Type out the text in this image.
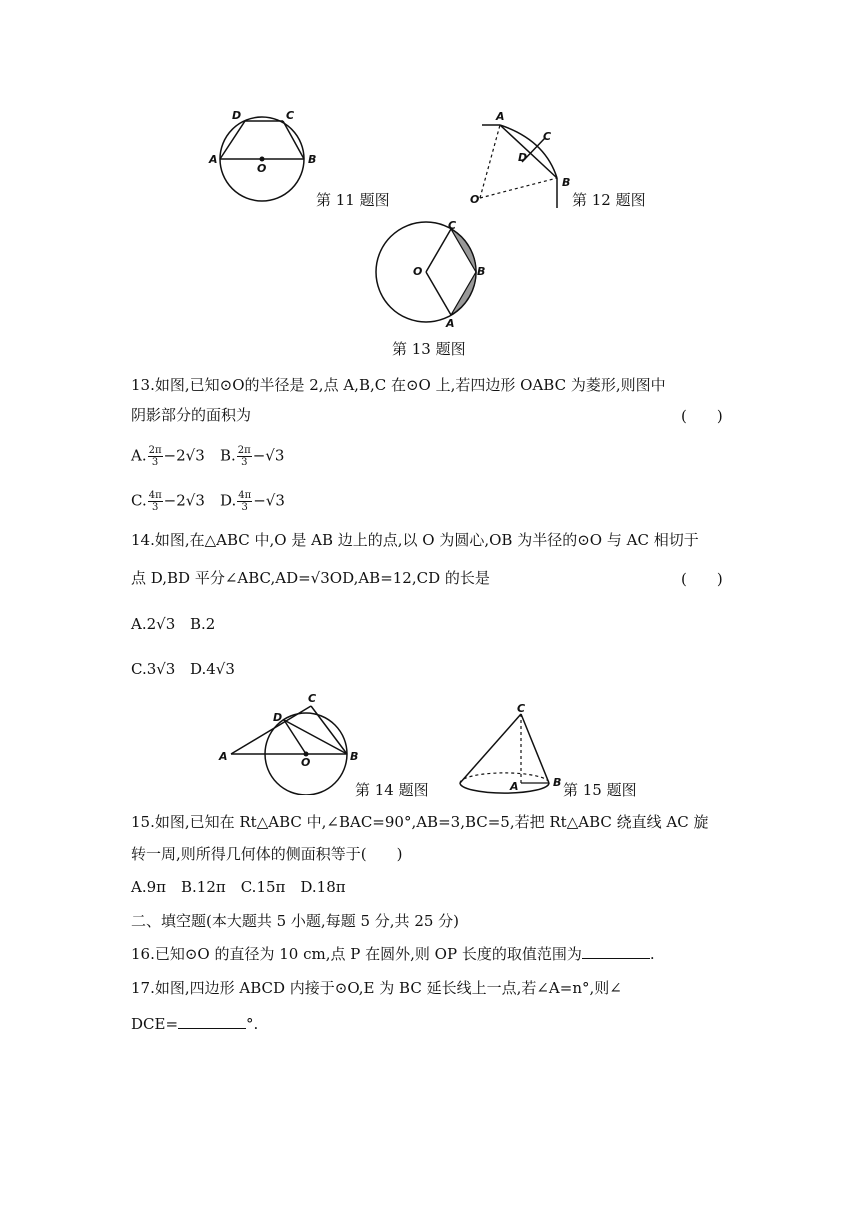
D	C
A
O
B
第 11 题图
A
C
D
O
B
第 12 题图
C
O	B
A
第 13 题图
13.如图,已知⊙O的半径是 2,点 A,B,C 在⊙O 上,若四边形 OABC 为菱形,则图中
阴影部分的面积为	(　　)
A. $\frac{2\pi}{3} -2√3$ B. $\frac{2\pi}{3} -√3$
C. $\frac{4\pi}{3} -2√3$ D. $\frac{4\pi}{3} -√3$
14.如图,在△ABC 中,O 是 AB 边上的点,以 O 为圆心,OB 为半径的⊙O 与 AC 相切于
点 D,BD 平分∠ABC,AD=√3OD,AB=12,CD 的长是	(　　)
A.2√3 B.2
C.3√3 D.4√3
C
D
A	O	B
第 14 题图
C
A	B 第 15 题图
15.如图,已知在 Rt△ABC 中,∠BAC=90°,AB=3,BC=5,若把 Rt△ABC 绕直线 AC 旋
转一周,则所得几何体的侧面积等于(　　)
A.9π　B.12π　C.15π　D.18π
二、填空题(本大题共 5 小题,每题 5 分,共 25 分)
16.已知⊙O 的直径为 10 cm,点 P 在圆外,则 OP 长度的取值范围为	.
17.如图,四边形 ABCD 内接于⊙O,E 为 BC 延长线上一点,若∠A=n°,则∠
DCE=	°.
